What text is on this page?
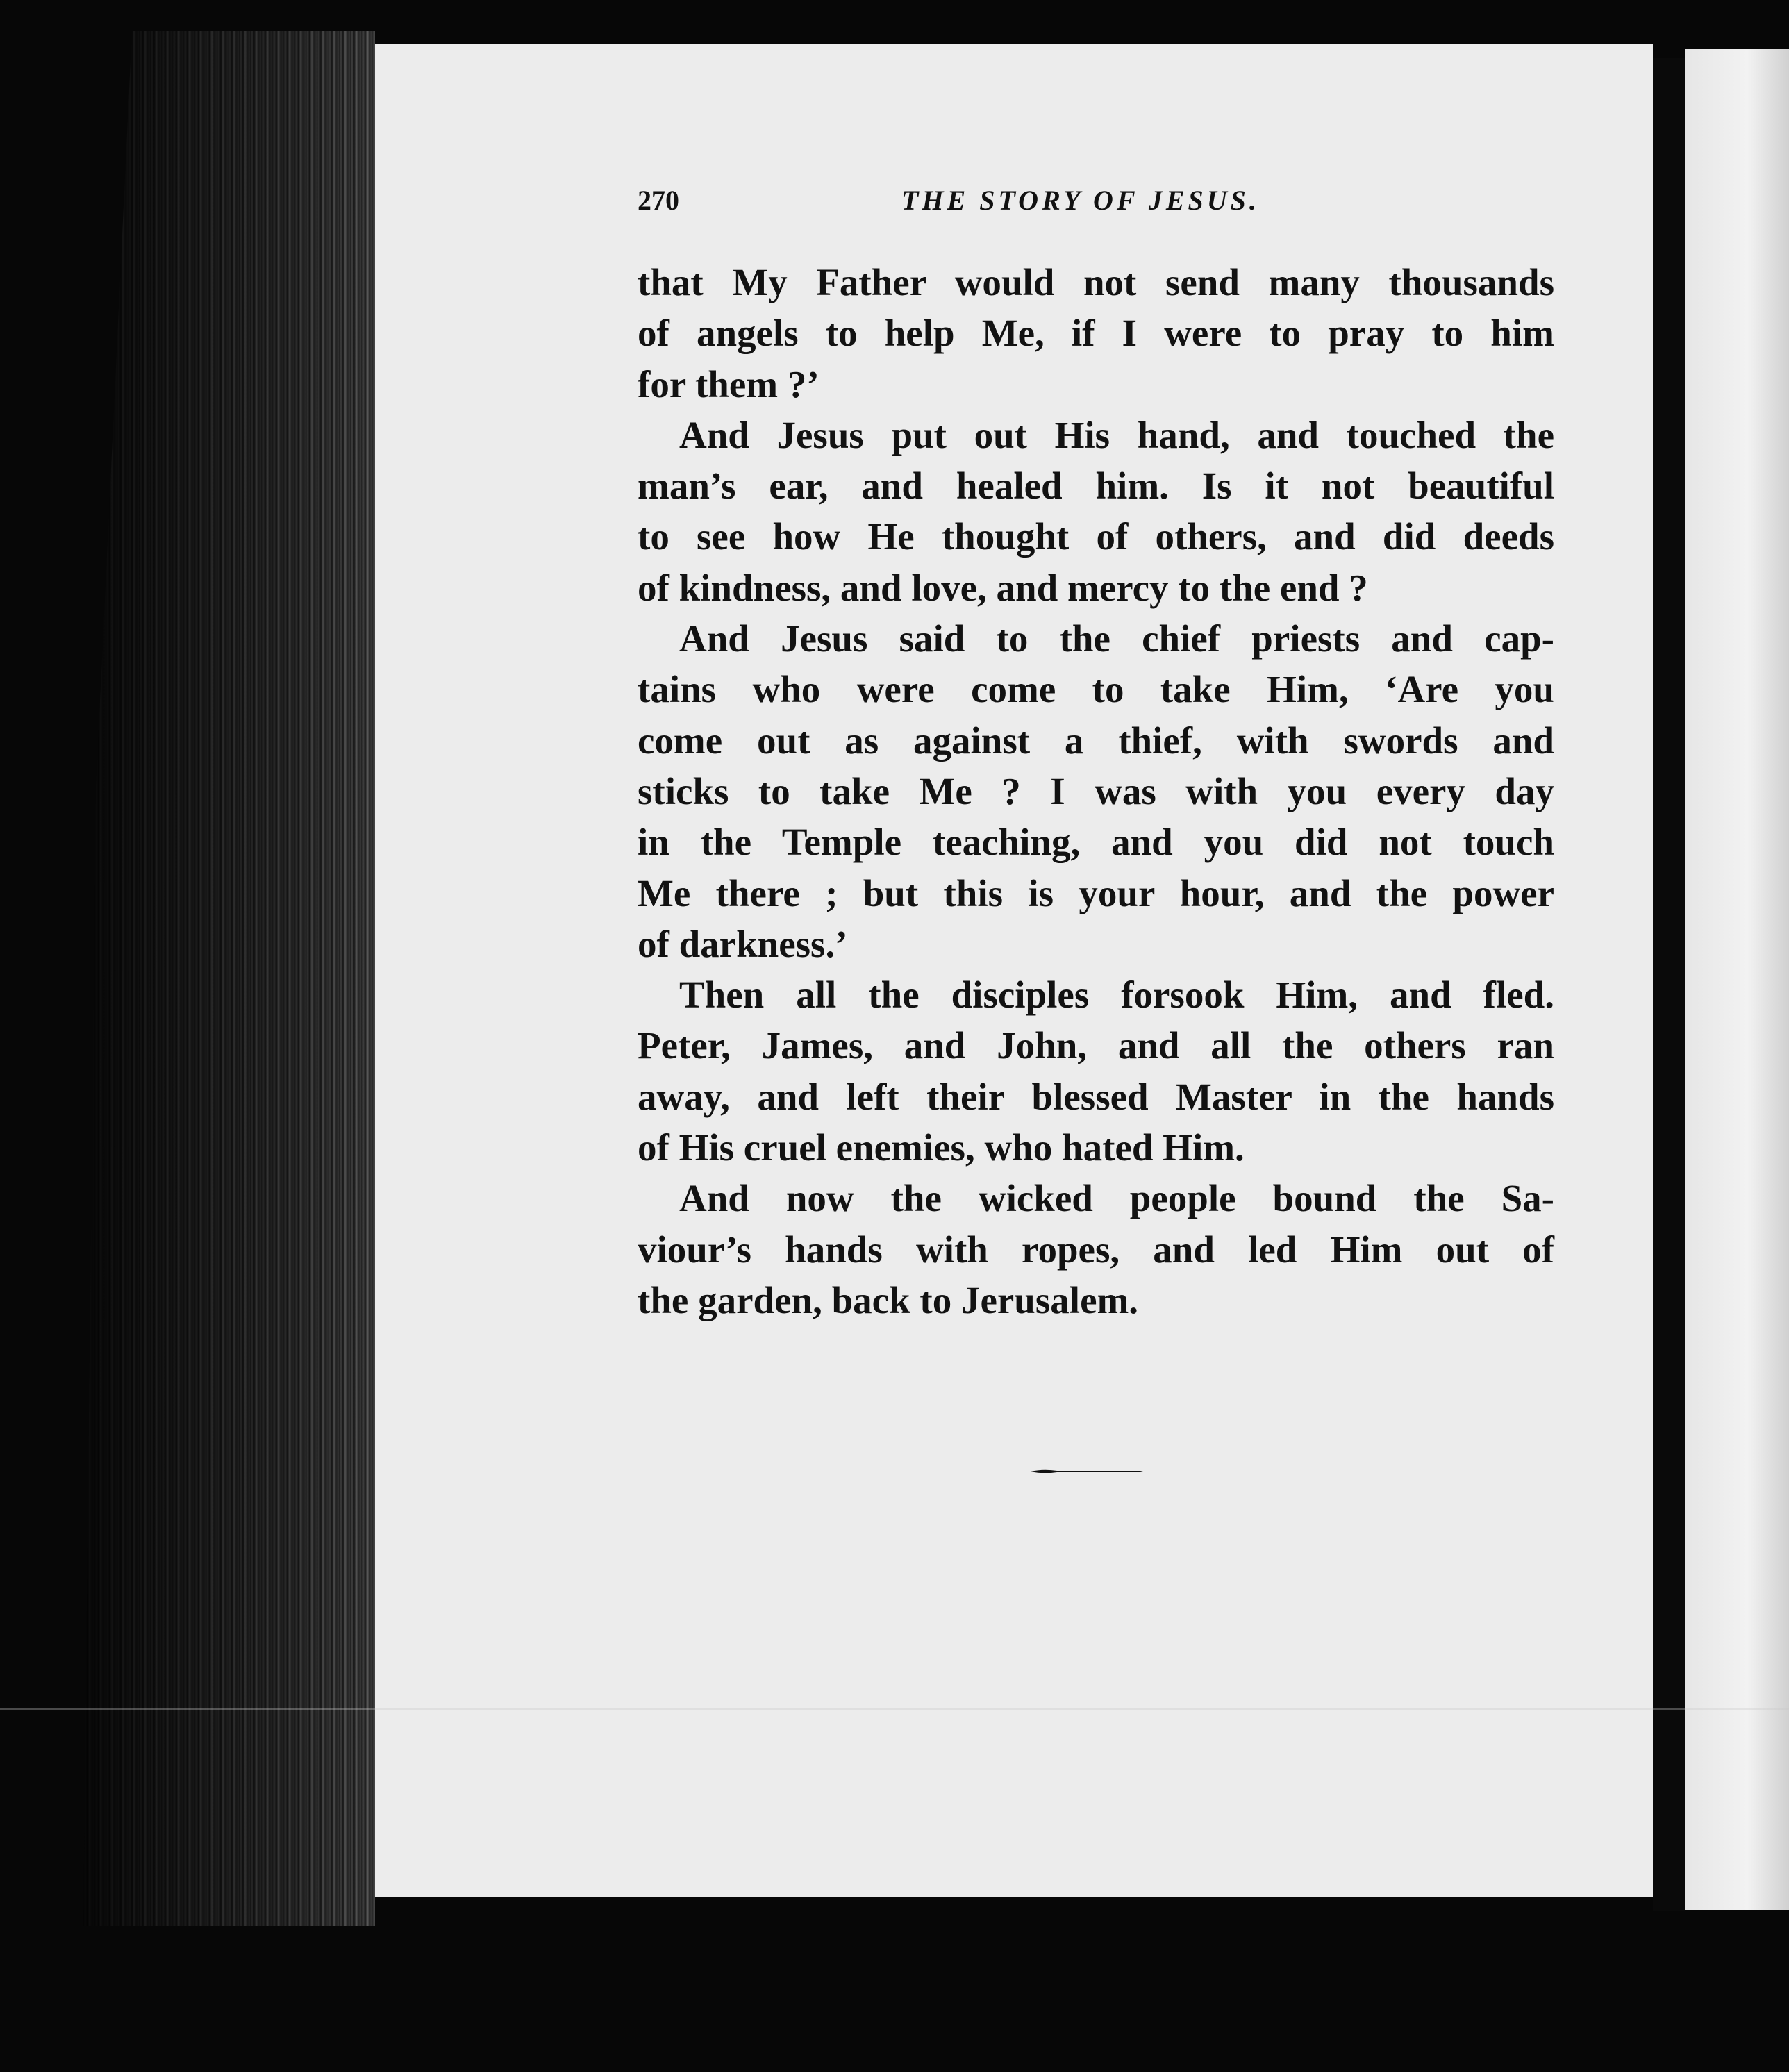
270	THE STORY OF JESUS.
that My Father would not send many thousands
of angels to help Me, if I were to pray to him
for them ?’
And Jesus put out His hand, and touched the
man’s ear, and healed him. Is it not beautiful
to see how He thought of others, and did deeds
of kindness, and love, and mercy to the end ?
And Jesus said to the chief priests and cap-
tains who were come to take Him, ‘Are you
come out as against a thief, with swords and
sticks to take Me ? I was with you every day
in the Temple teaching, and you did not touch
Me there ; but this is your hour, and the power
of darkness.’
Then all the disciples forsook Him, and fled.
Peter, James, and John, and all the others ran
away, and left their blessed Master in the hands
of His cruel enemies, who hated Him.
And now the wicked people bound the Sa-
viour’s hands with ropes, and led Him out of
the garden, back to Jerusalem.
